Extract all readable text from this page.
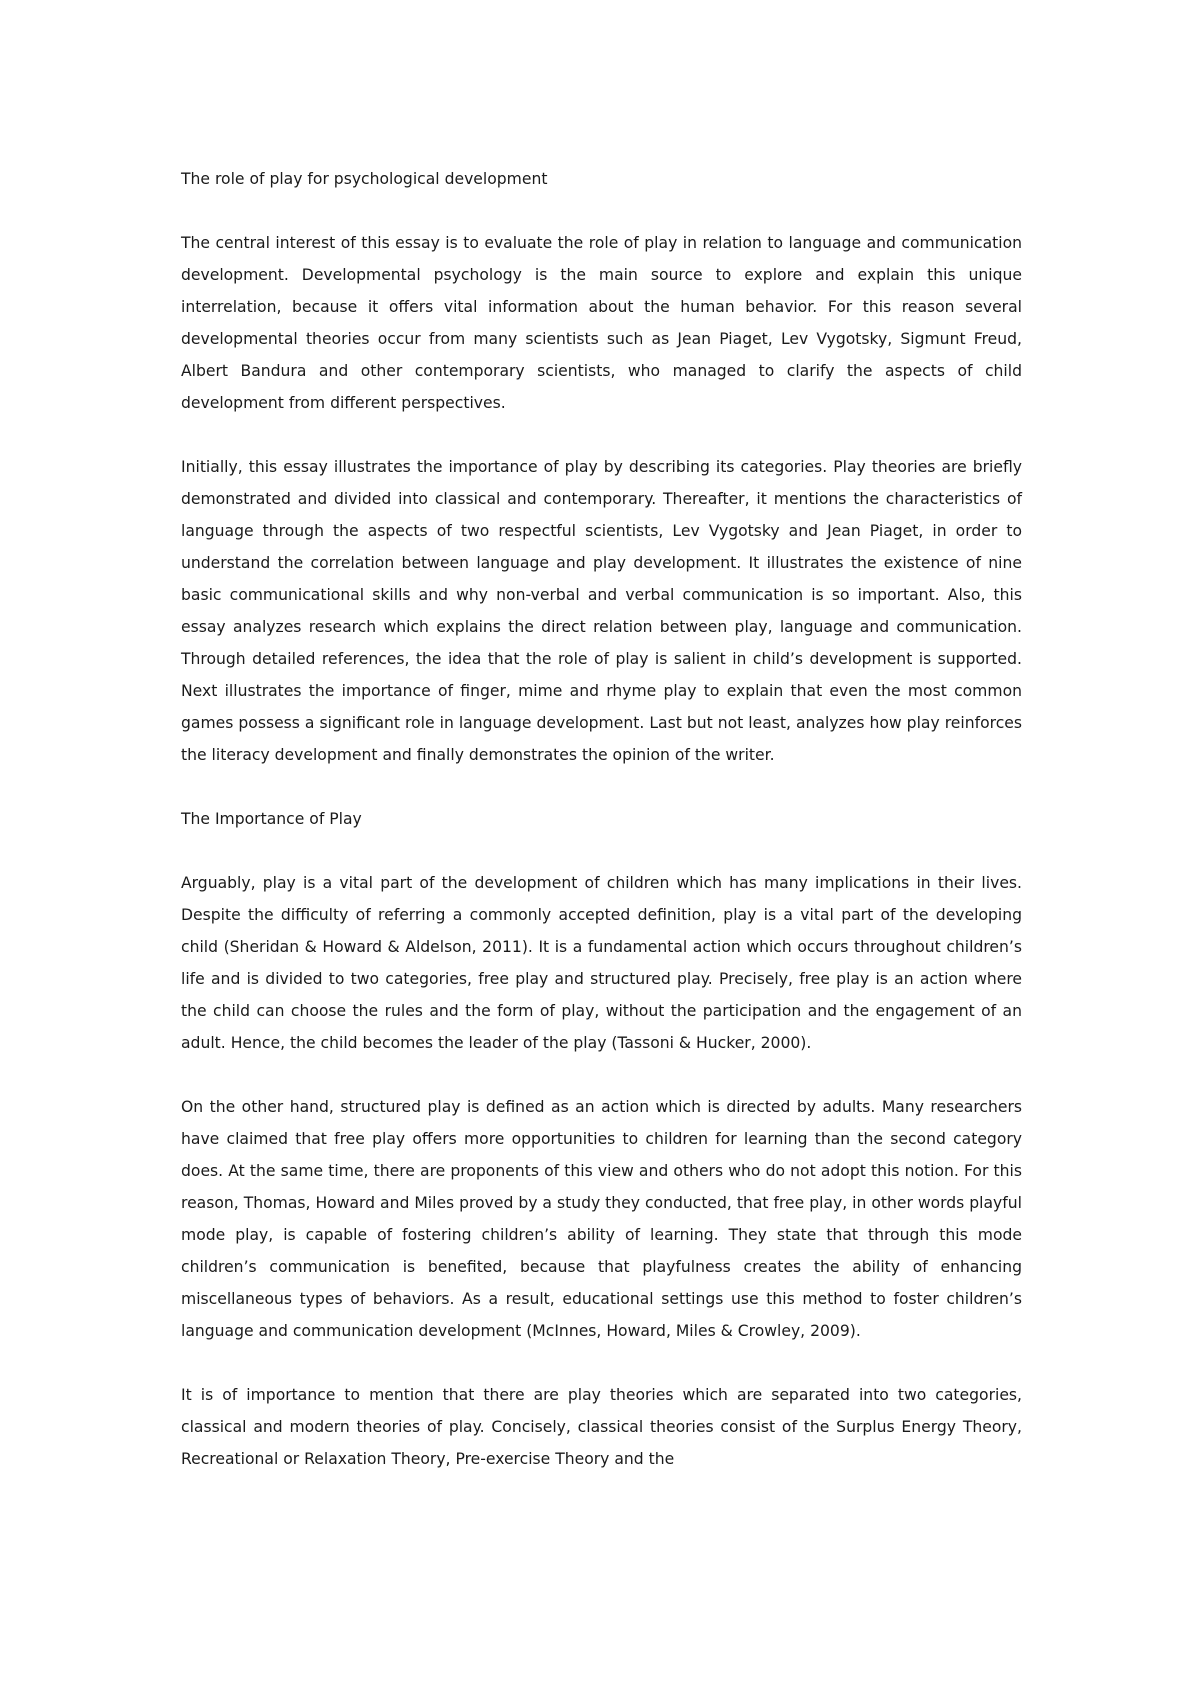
The role of play for psychological development

The central interest of this essay is to evaluate the role of play in relation to language and communication development. Developmental psychology is the main source to explore and explain this unique interrelation, because it offers vital information about the human behavior. For this reason several developmental theories occur from many scientists such as Jean Piaget, Lev Vygotsky, Sigmunt Freud, Albert Bandura and other contemporary scientists, who managed to clarify the aspects of child development from different perspectives.

Initially, this essay illustrates the importance of play by describing its categories. Play theories are briefly demonstrated and divided into classical and contemporary. Thereafter, it mentions the characteristics of language through the aspects of two respectful scientists, Lev Vygotsky and Jean Piaget, in order to understand the correlation between language and play development. It illustrates the existence of nine basic communicational skills and why non-verbal and verbal communication is so important. Also, this essay analyzes research which explains the direct relation between play, language and communication. Through detailed references, the idea that the role of play is salient in child’s development is supported. Next illustrates the importance of finger, mime and rhyme play to explain that even the most common games possess a significant role in language development. Last but not least, analyzes how play reinforces the literacy development and finally demonstrates the opinion of the writer.

The Importance of Play

Arguably, play is a vital part of the development of children which has many implications in their lives. Despite the difficulty of referring a commonly accepted definition, play is a vital part of the developing child (Sheridan & Howard & Aldelson, 2011). It is a fundamental action which occurs throughout children’s life and is divided to two categories, free play and structured play. Precisely, free play is an action where the child can choose the rules and the form of play, without the participation and the engagement of an adult. Hence, the child becomes the leader of the play (Tassoni & Hucker, 2000).

On the other hand, structured play is defined as an action which is directed by adults. Many researchers have claimed that free play offers more opportunities to children for learning than the second category does. At the same time, there are proponents of this view and others who do not adopt this notion. For this reason, Thomas, Howard and Miles proved by a study they conducted, that free play, in other words playful mode play, is capable of fostering children’s ability of learning. They state that through this mode children’s communication is benefited, because that playfulness creates the ability of enhancing miscellaneous types of behaviors. As a result, educational settings use this method to foster children’s language and communication development (McInnes, Howard, Miles & Crowley, 2009).

It is of importance to mention that there are play theories which are separated into two categories, classical and modern theories of play. Concisely, classical theories consist of the Surplus Energy Theory, Recreational or Relaxation Theory, Pre-exercise Theory and the
